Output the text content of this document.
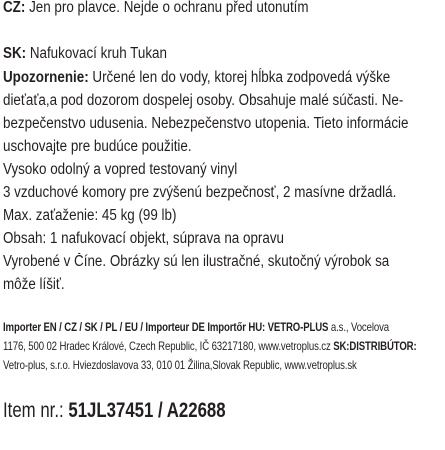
CZ: Jen pro plavce. Nejde o ochranu před utonutím
SK: Nafukovací kruh Tukan
Upozornenie: Určené len do vody, ktorej hĺbka zodpovedá výške
dieťaťa,a pod dozorom dospelej osoby. Obsahuje malé súčasti. Ne-
bezpečenstvo udusenia. Nebezpečenstvo utopenia. Tieto informácie
uschovajte pre budúce použitie.
Vysoko odolný a vopred testovaný vinyl
3 vzduchové komory pre zvýšenú bezpečnosť, 2 masívne držadlá.
Max. zaťaženie: 45 kg (99 lb)
Obsah: 1 nafukovací objekt, súprava na opravu
Vyrobené v Číne. Obrázky sú len ilustračné, skutočný výrobok sa
môže líšiť.
Importer EN / CZ / SK / PL / EU / Importeur DE Importőr HU: VETRO-PLUS a.s., Vocelova
1176, 500 02 Hradec Králové, Czech Republic, IČ 63217180, www.vetroplus.cz SK:DISTRIBÚTOR:
Vetro-plus, s.r.o. Hviezdoslavova 33, 010 01 Žilina,Slovak Republic, www.vetroplus.sk
Item nr.: 51JL37451 / A22688
